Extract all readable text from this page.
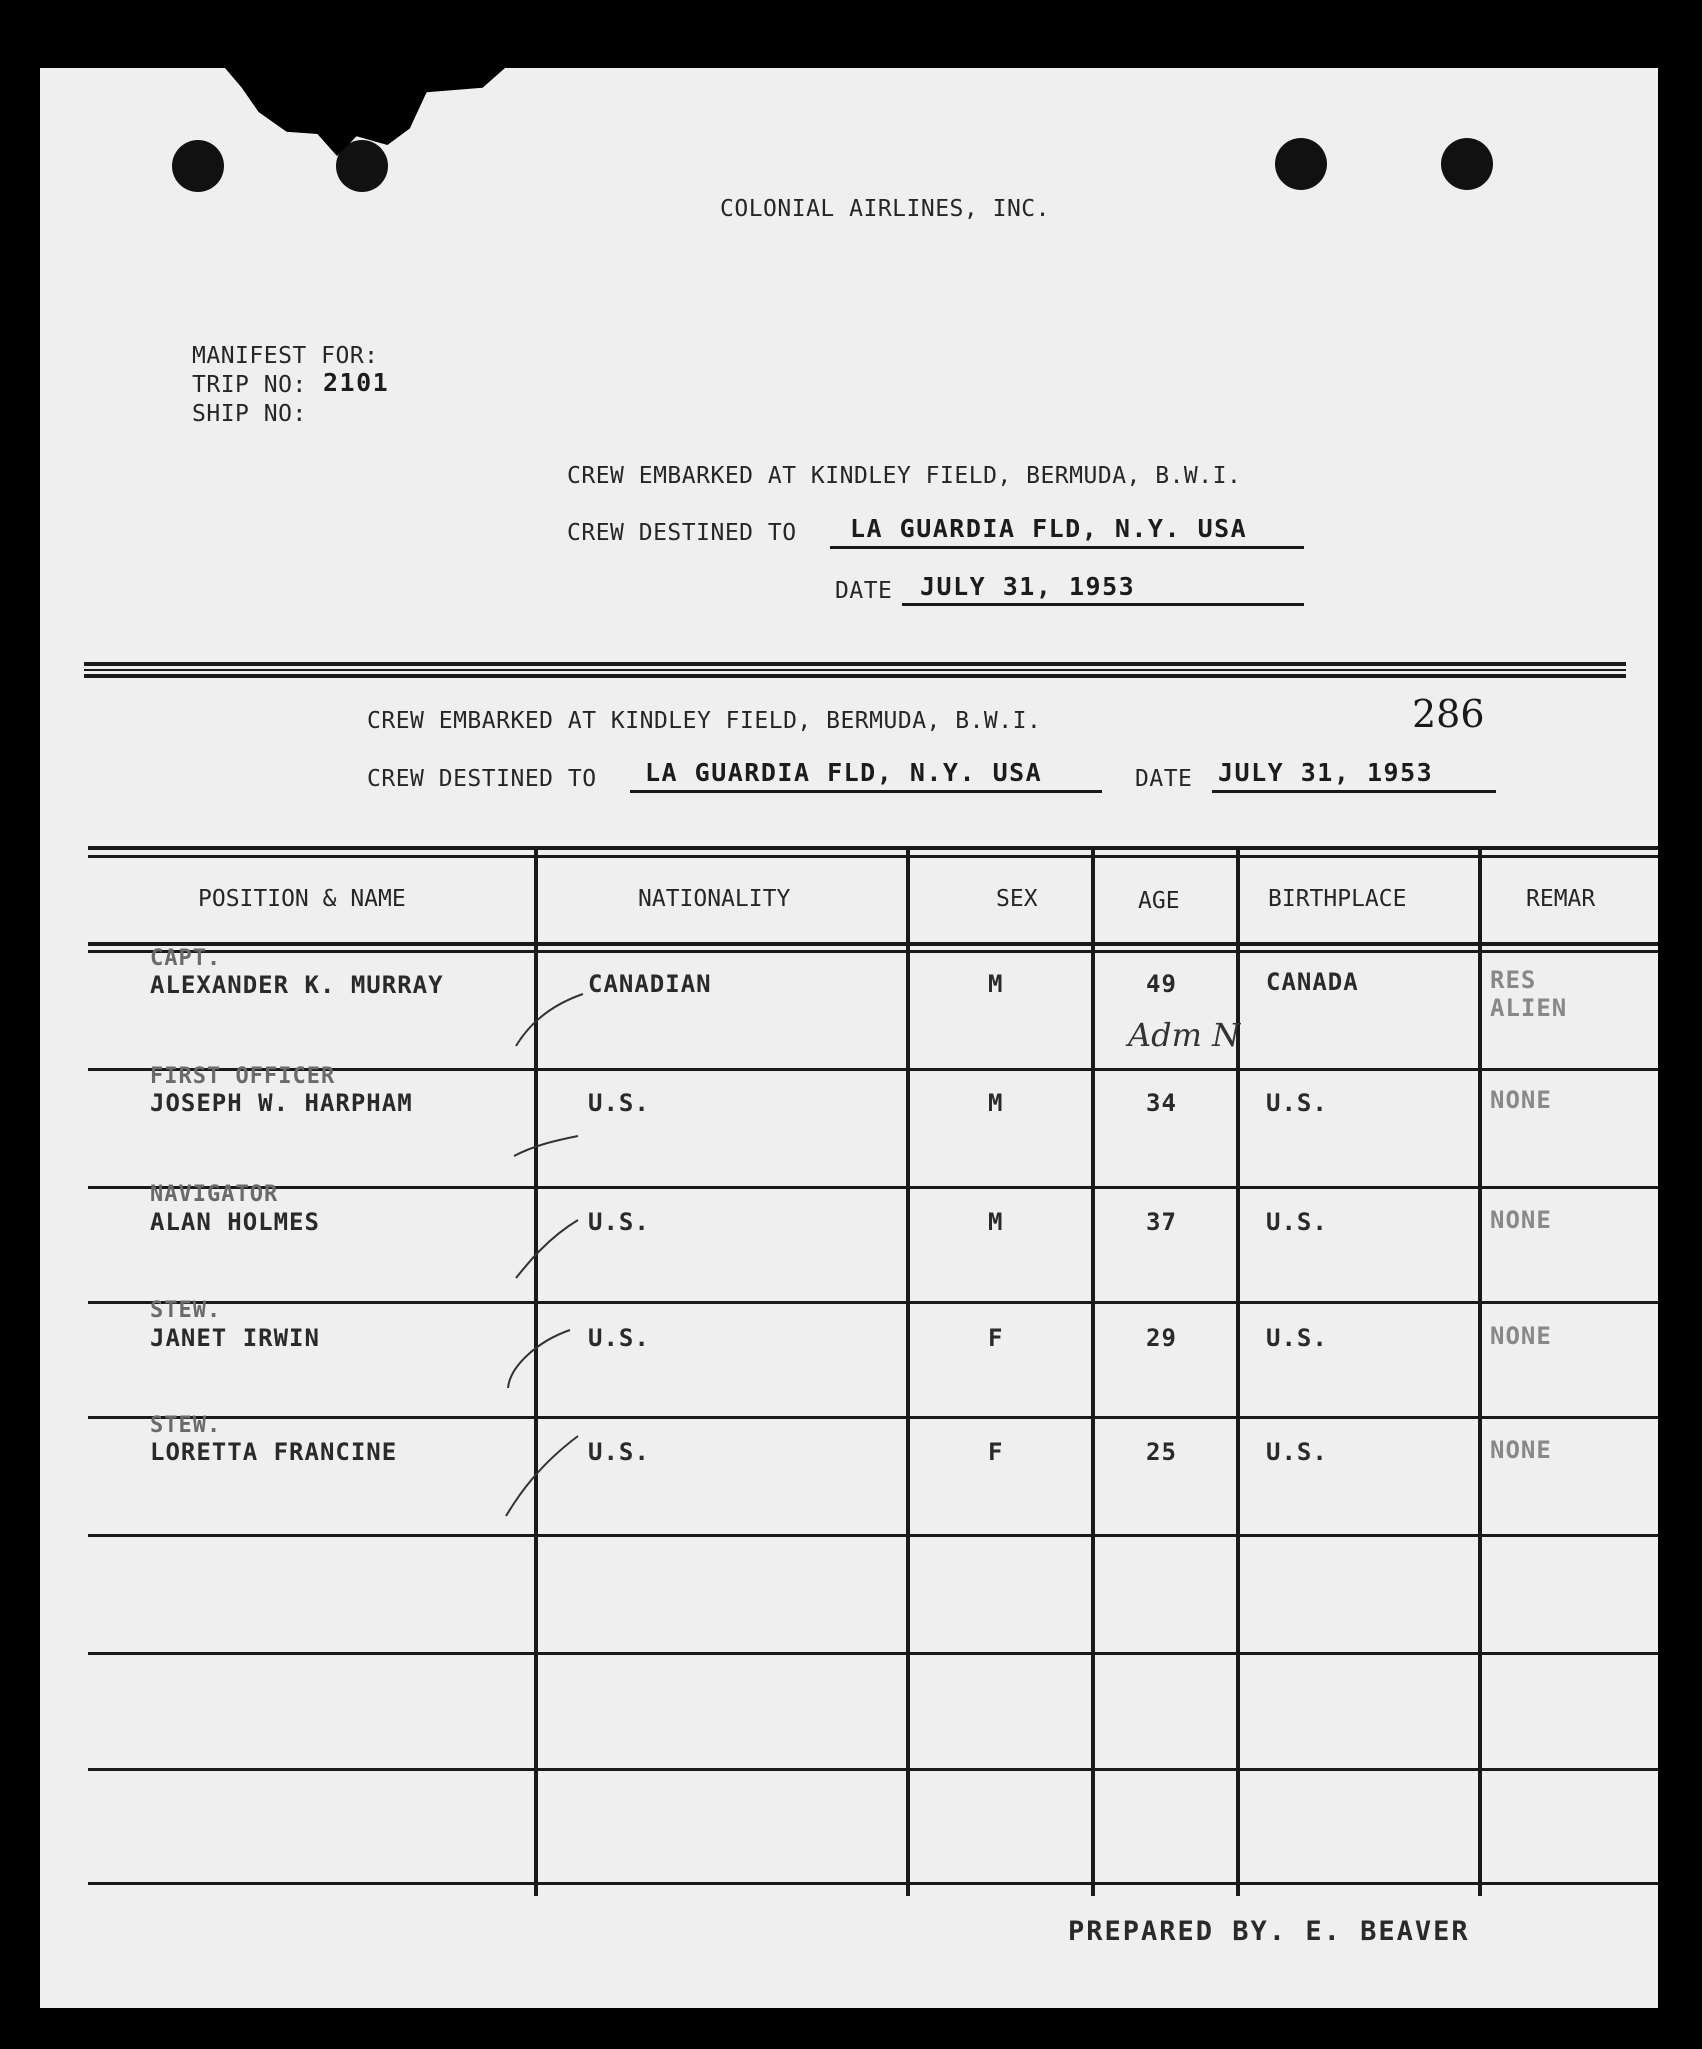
COLONIAL AIRLINES, INC.
MANIFEST FOR:
TRIP NO: 2101
SHIP NO:
CREW EMBARKED AT KINDLEY FIELD, BERMUDA, B.W.I.
CREW DESTINED TO LA GUARDIA FLD, N.Y. USA
DATE JULY 31, 1953
CREW EMBARKED AT KINDLEY FIELD, BERMUDA, B.W.I.	286
CREW DESTINED TO LA GUARDIA FLD, N.Y. USA	DATE JULY 31, 1953
POSITION & NAME	NATIONALITY	SEX	AGE	BIRTHPLACE	REMAR
CAPT.
ALEXANDER K. MURRAY	CANADIAN	M	49	CANADA	RES
ALIEN
Adm N
FIRST OFFICER
JOSEPH W. HARPHAM	U.S.	M	34	U.S.	NONE
NAVIGATOR
ALAN HOLMES	U.S.	M	37	U.S.	NONE
STEW.
JANET IRWIN	U.S.	F	29	U.S.	NONE
STEW.
LORETTA FRANCINE	U.S.	F	25	U.S.	NONE
PREPARED BY. E. BEAVER
